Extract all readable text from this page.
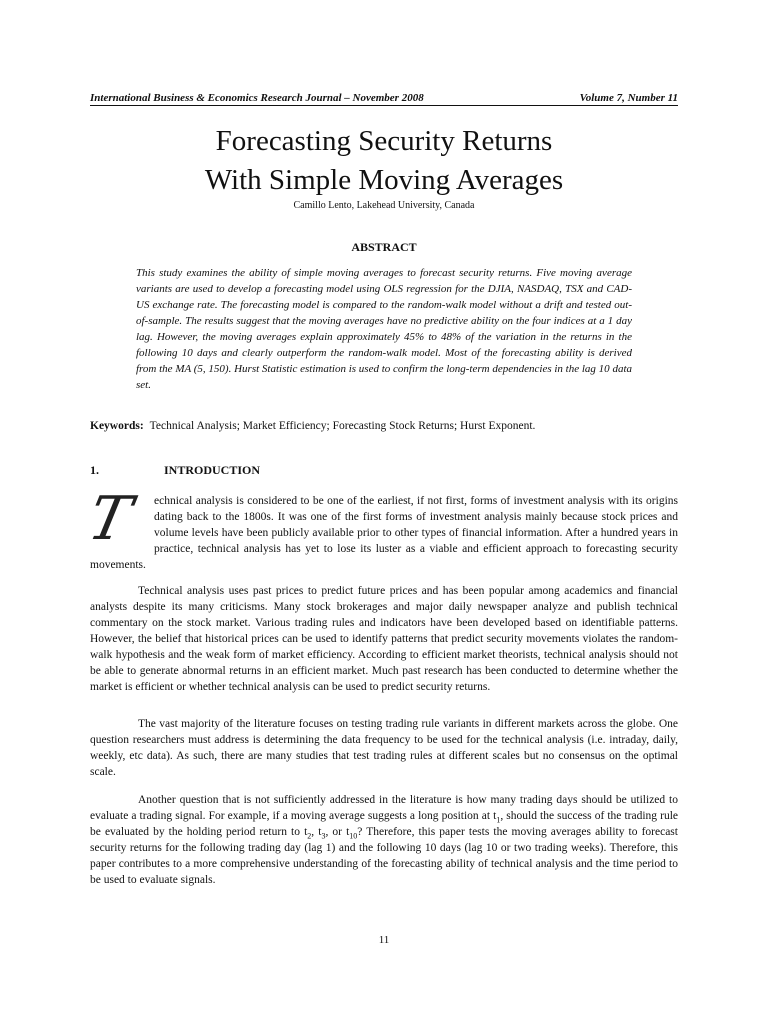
International Business & Economics Research Journal – November 2008	Volume 7, Number 11
Forecasting Security Returns
With Simple Moving Averages
Camillo Lento, Lakehead University, Canada
ABSTRACT
This study examines the ability of simple moving averages to forecast security returns. Five moving average variants are used to develop a forecasting model using OLS regression for the DJIA, NASDAQ, TSX and CAD-US exchange rate. The forecasting model is compared to the random-walk model without a drift and tested out-of-sample. The results suggest that the moving averages have no predictive ability on the four indices at a 1 day lag. However, the moving averages explain approximately 45% to 48% of the variation in the returns in the following 10 days and clearly outperform the random-walk model. Most of the forecasting ability is derived from the MA (5, 150). Hurst Statistic estimation is used to confirm the long-term dependencies in the lag 10 data set.
Keywords: Technical Analysis; Market Efficiency; Forecasting Stock Returns; Hurst Exponent.
1.	INTRODUCTION

T	echnical analysis is considered to be one of the earliest, if not first, forms of investment analysis with its origins dating back to the 1800s. It was one of the first forms of investment analysis mainly because stock prices and volume levels have been publicly available prior to other types of financial information. After a hundred years in practice, technical analysis has yet to lose its luster as a viable and efficient approach to forecasting security movements.

Technical analysis uses past prices to predict future prices and has been popular among academics and financial analysts despite its many criticisms. Many stock brokerages and major daily newspaper analyze and publish technical commentary on the stock market. Various trading rules and indicators have been developed based on identifiable patterns. However, the belief that historical prices can be used to identify patterns that predict security movements violates the random-walk hypothesis and the weak form of market efficiency. According to efficient market theorists, technical analysis should not be able to generate abnormal returns in an efficient market. Much past research has been conducted to determine whether the market is efficient or whether technical analysis can be used to predict security returns.

The vast majority of the literature focuses on testing trading rule variants in different markets across the globe. One question researchers must address is determining the data frequency to be used for the technical analysis (i.e. intraday, daily, weekly, etc data). As such, there are many studies that test trading rules at different scales but no consensus on the optimal scale.

Another question that is not sufficiently addressed in the literature is how many trading days should be utilized to evaluate a trading signal. For example, if a moving average suggests a long position at $t_1$, should the success of the trading rule be evaluated by the holding period return to $t_2$, $t_3$, or $t_{10}$? Therefore, this paper tests the moving averages ability to forecast security returns for the following trading day (lag 1) and the following 10 days (lag 10 or two trading weeks). Therefore, this paper contributes to a more comprehensive understanding of the forecasting ability of technical analysis and the time period to be used to evaluate signals.

11
